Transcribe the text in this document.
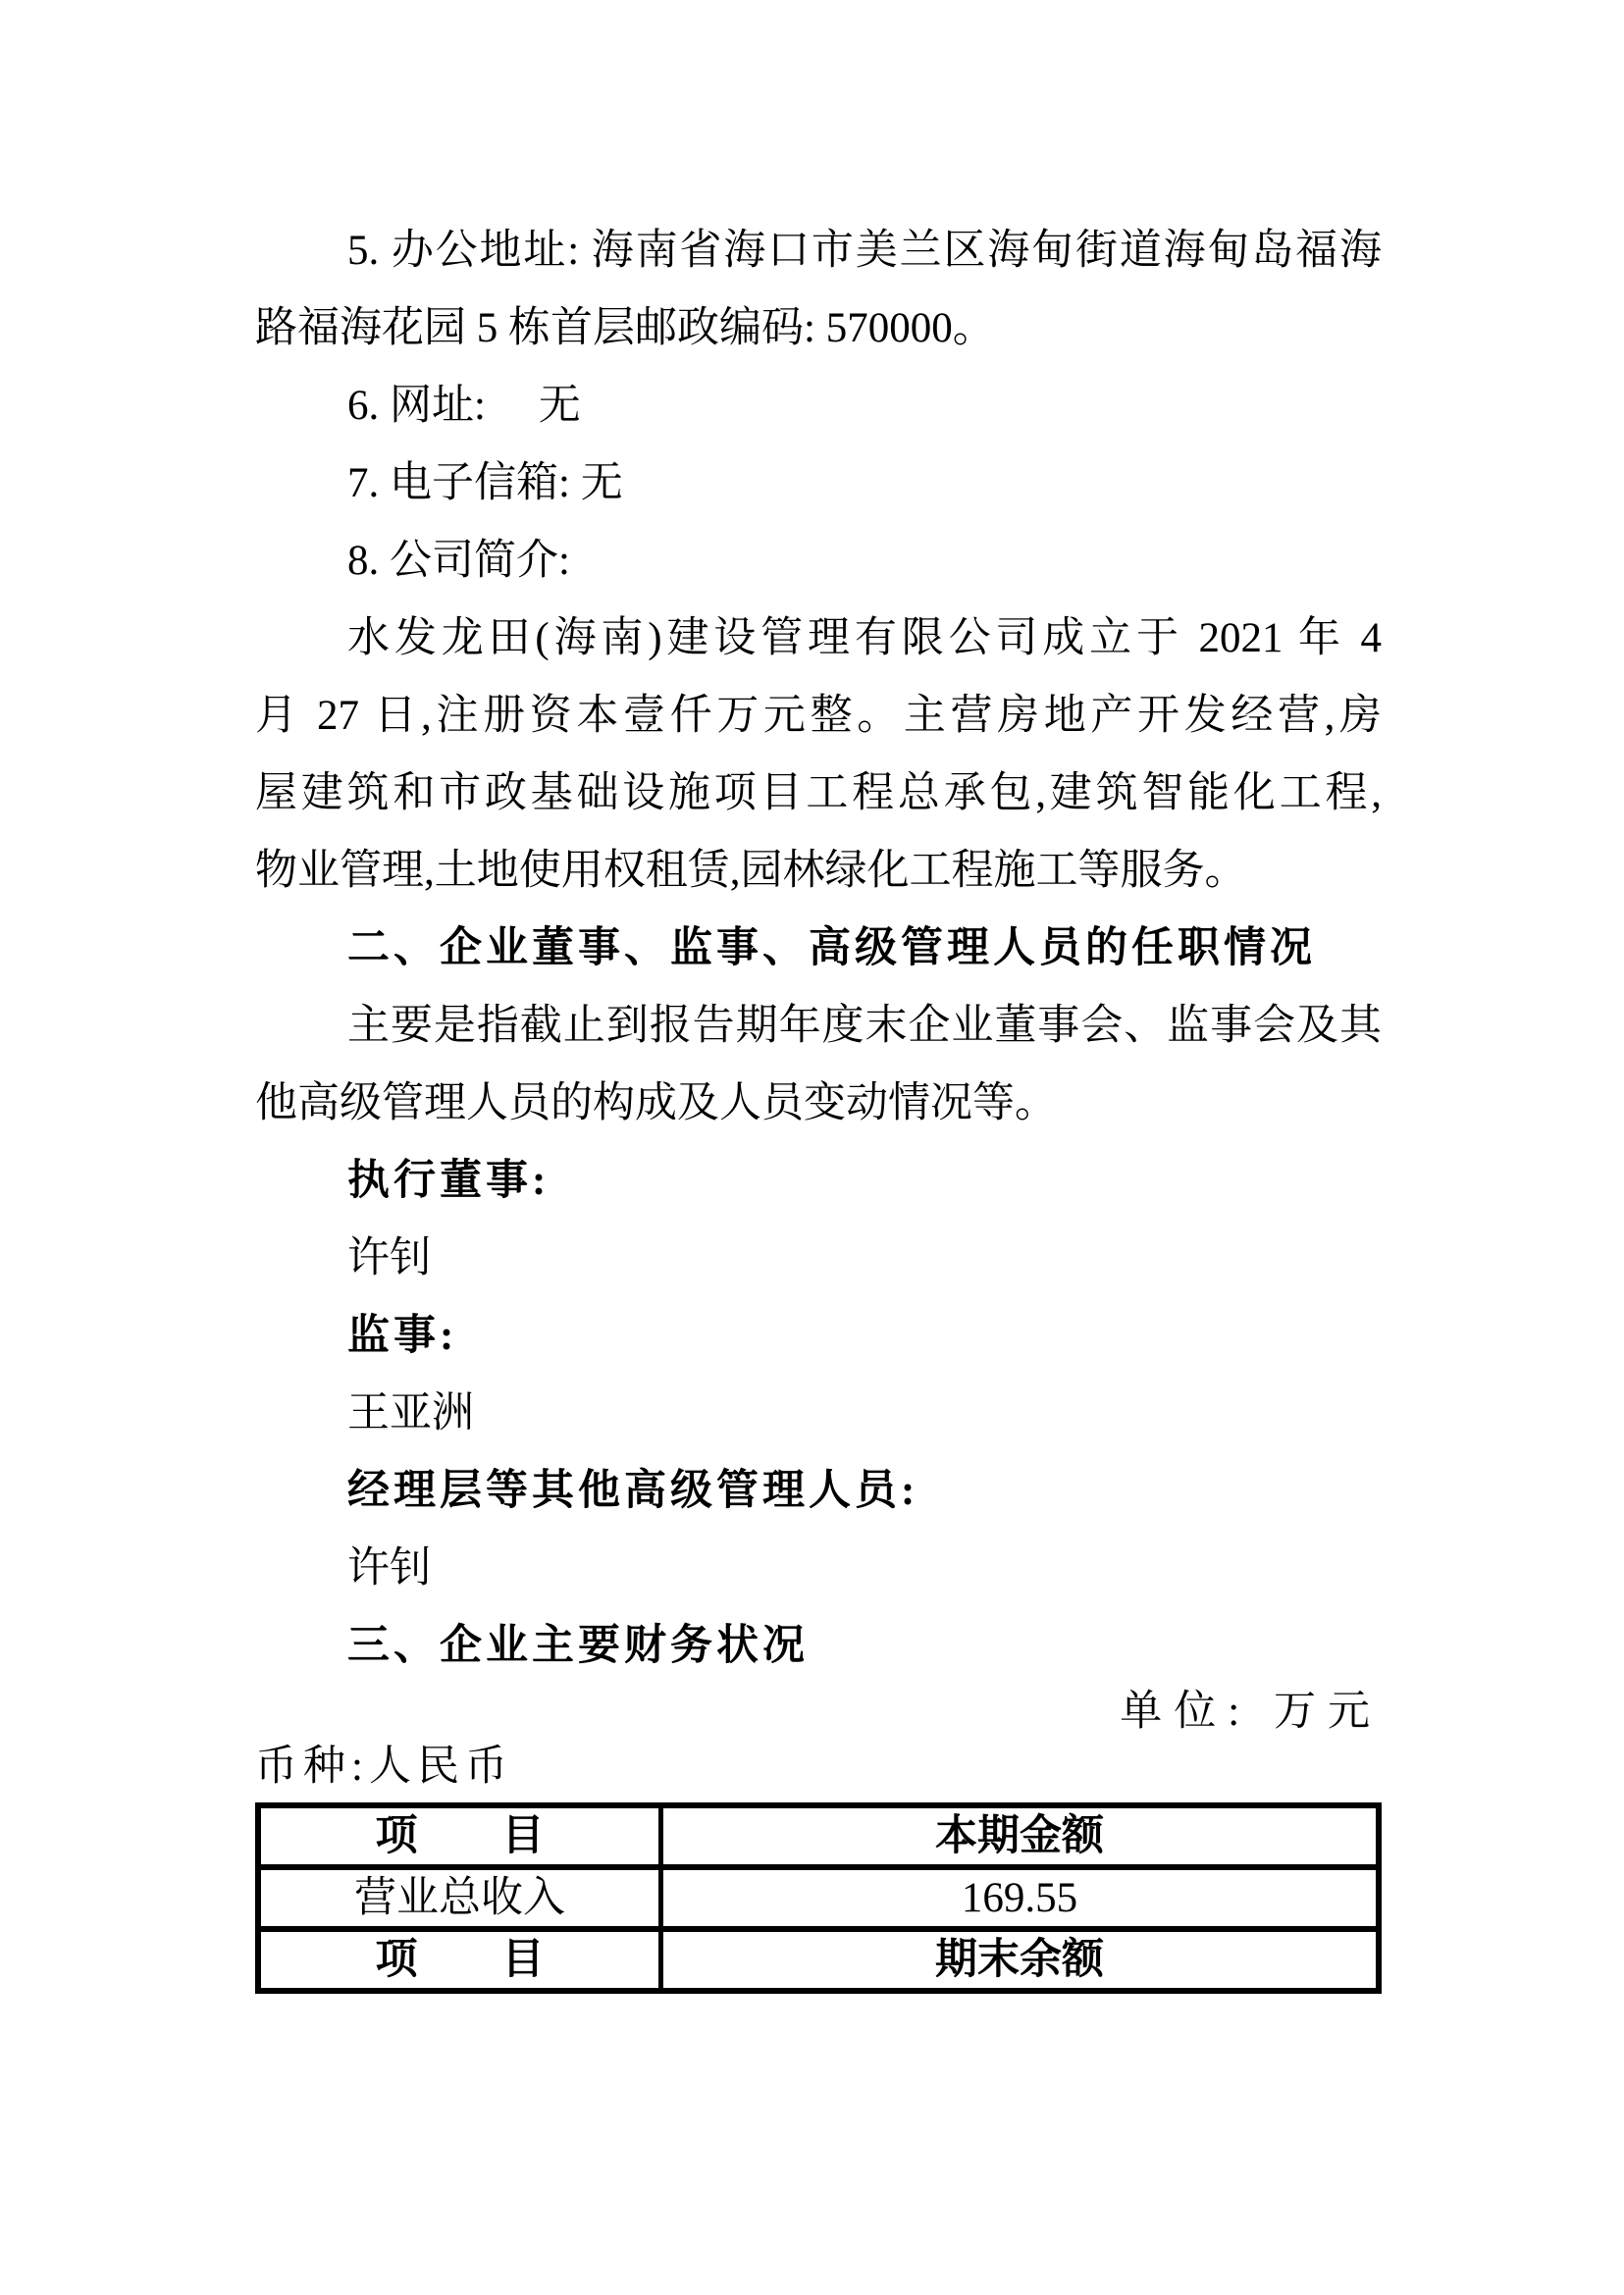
5. 办公地址: 海南省海口市美兰区海甸街道海甸岛福海
路福海花园 5 栋首层邮政编码: 570000。
6. 网址:　 无
7. 电子信箱: 无
8. 公司简介:
水发龙田(海南)建设管理有限公司成立于 2021 年 4
月 27 日,注册资本壹仟万元整。主营房地产开发经营,房
屋建筑和市政基础设施项目工程总承包,建筑智能化工程,
物业管理,土地使用权租赁,园林绿化工程施工等服务。
二、企业董事、监事、高级管理人员的任职情况
主要是指截止到报告期年度末企业董事会、监事会及其
他高级管理人员的构成及人员变动情况等。
执行董事:
许钊
监事:
王亚洲
经理层等其他高级管理人员:
许钊
三、企业主要财务状况
单位: 万元
币种:人民币
项　　目	本期金额
营业总收入	169.55
项　　目	期末余额
